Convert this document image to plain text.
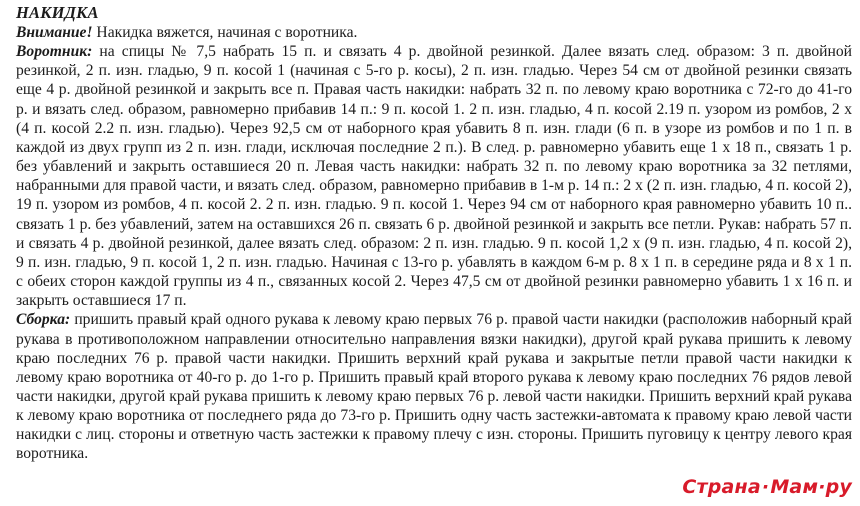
НАКИДКА

Внимание! Накидка вяжется, начиная с воротника.

Воротник: на спицы № 7,5 набрать 15 п. и связать 4 р. двойной резинкой. Далее вязать след. образом: 3 п. двойной резинкой, 2 п. изн. гладью, 9 п. косой 1 (начиная с 5-го р. косы), 2 п. изн. гладью. Через 54 см от двойной резинки связать еще 4 р. двойной резинкой и закрыть все п. Правая часть накидки: набрать 32 п. по левому краю воротника с 72-го до 41-го р. и вязать след. образом, равномерно прибавив 14 п.: 9 п. косой 1. 2 п. изн. гладью, 4 п. косой 2.19 п. узором из ромбов, 2 х (4 п. косой 2.2 п. изн. гладью). Через 92,5 см от наборного края убавить 8 п. изн. глади (6 п. в узоре из ромбов и по 1 п. в каждой из двух групп из 2 п. изн. глади, исключая последние 2 п.). В след. р. равномерно убавить еще 1 х 18 п., связать 1 р. без убавлений и закрыть оставшиеся 20 п. Левая часть накидки: набрать 32 п. по левому краю воротника за 32 петлями, набранными для правой части, и вязать след. образом, равномерно прибавив в 1-м р. 14 п.: 2 х (2 п. изн. гладью, 4 п. косой 2), 19 п. узором из ромбов, 4 п. косой 2. 2 п. изн. гладью. 9 п. косой 1. Через 94 см от наборного края равномерно убавить 10 п.. связать 1 р. без убавлений, затем на оставшихся 26 п. связать 6 р. двойной резинкой и закрыть все петли. Рукав: набрать 57 п. и связать 4 р. двойной резинкой, далее вязать след. образом: 2 п. изн. гладью. 9 п. косой 1,2 х (9 п. изн. гладью, 4 п. косой 2), 9 п. изн. гладью, 9 п. косой 1, 2 п. изн. гладью. Начиная с 13-го р. убавлять в каждом 6-м р. 8 х 1 п. в середине ряда и 8 х 1 п. с обеих сторон каждой группы из 4 п., связанных косой 2. Через 47,5 см от двойной резинки равномерно убавить 1 х 16 п. и закрыть оставшиеся 17 п.

Сборка: пришить правый край одного рукава к левому краю первых 76 р. правой части накидки (расположив наборный край рукава в противоположном направлении относительно направления вязки накидки), другой край рукава пришить к левому краю последних 76 р. правой части накидки. Пришить верхний край рукава и закрытые петли правой части накидки к левому краю воротника от 40-го р. до 1-го р. Пришить правый край второго рукава к левому краю последних 76 рядов левой части накидки, другой край рукава пришить к левому краю первых 76 р. левой части накидки. Пришить верхний край рукава к левому краю воротника от последнего ряда до 73-го р. Пришить одну часть застежки-автомата к правому краю левой части накидки с лиц. стороны и ответную часть застежки к правому плечу с изн. стороны. Пришить пуговицу к центру левого края воротника.

Страна · Мам ·ру
